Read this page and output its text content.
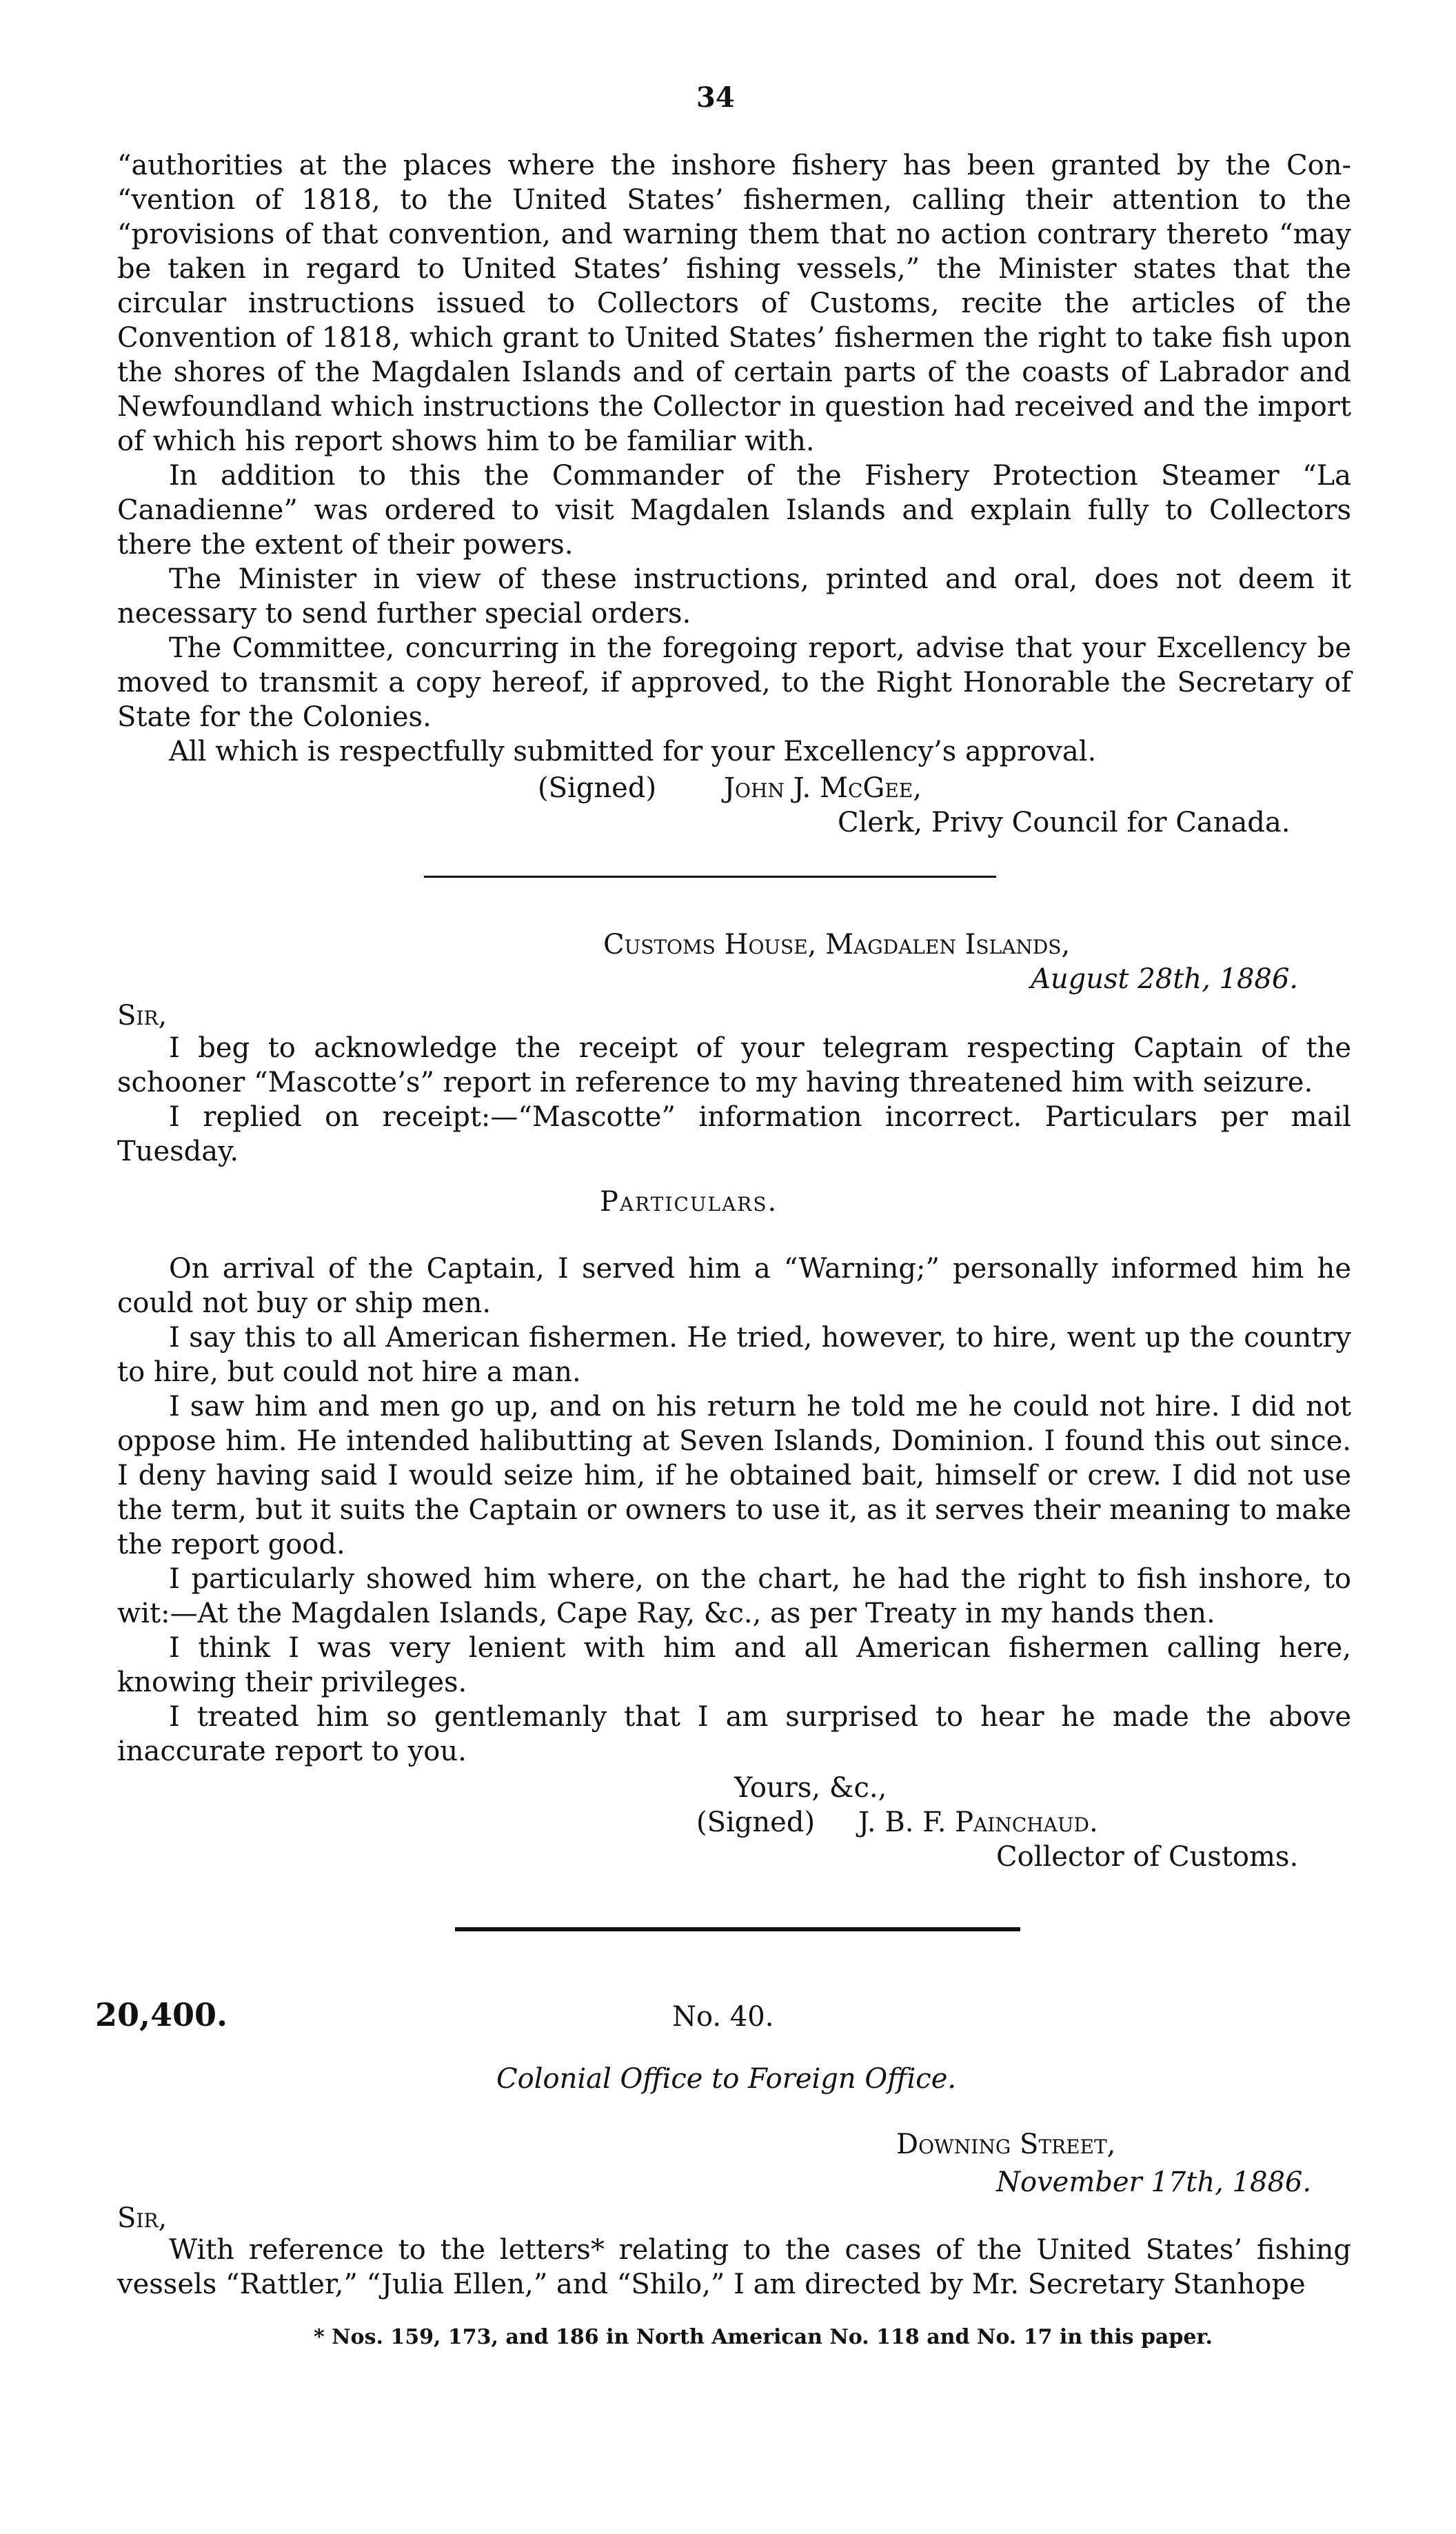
34

“authorities at the places where the inshore fishery has been granted by the Con- “vention of 1818, to the United States’ fishermen, calling their attention to the “provisions of that convention, and warning them that no action contrary thereto “may be taken in regard to United States’ fishing vessels,” the Minister states that the circular instructions issued to Collectors of Customs, recite the articles of the Convention of 1818, which grant to United States’ fishermen the right to take fish upon the shores of the Magdalen Islands and of certain parts of the coasts of Labrador and Newfoundland which instructions the Collector in question had received and the import of which his report shows him to be familiar with.

In addition to this the Commander of the Fishery Protection Steamer “La Canadienne” was ordered to visit Magdalen Islands and explain fully to Collectors there the extent of their powers.

The Minister in view of these instructions, printed and oral, does not deem it necessary to send further special orders.

The Committee, concurring in the foregoing report, advise that your Excellency be moved to transmit a copy hereof, if approved, to the Right Honorable the Secretary of State for the Colonies.

All which is respectfully submitted for your Excellency’s approval.

(Signed) John J. McGee,
Clerk, Privy Council for Canada.
Customs House, Magdalen Islands,
August 28th, 1886.
Sir,

I beg to acknowledge the receipt of your telegram respecting Captain of the schooner “Mascotte’s” report in reference to my having threatened him with seizure.

I replied on receipt:—“Mascotte” information incorrect. Particulars per mail Tuesday.

Particulars.

On arrival of the Captain, I served him a “Warning;” personally informed him he could not buy or ship men.

I say this to all American fishermen. He tried, however, to hire, went up the country to hire, but could not hire a man.

I saw him and men go up, and on his return he told me he could not hire. I did not oppose him. He intended halibutting at Seven Islands, Dominion. I found this out since. I deny having said I would seize him, if he obtained bait, himself or crew. I did not use the term, but it suits the Captain or owners to use it, as it serves their meaning to make the report good.

I particularly showed him where, on the chart, he had the right to fish inshore, to wit:—At the Magdalen Islands, Cape Ray, &c., as per Treaty in my hands then.

I think I was very lenient with him and all American fishermen calling here, knowing their privileges.

I treated him so gentlemanly that I am surprised to hear he made the above inaccurate report to you.

Yours, &c.,
(Signed) J. B. F. Painchaud.
Collector of Customs.
20,400.	No. 40.
Colonial Office to Foreign Office.
Downing Street,
November 17th, 1886.
Sir,

With reference to the letters* relating to the cases of the United States’ fishing vessels “Rattler,” “Julia Ellen,” and “Shilo,” I am directed by Mr. Secretary Stanhope

* Nos. 159, 173, and 186 in North American No. 118 and No. 17 in this paper.
